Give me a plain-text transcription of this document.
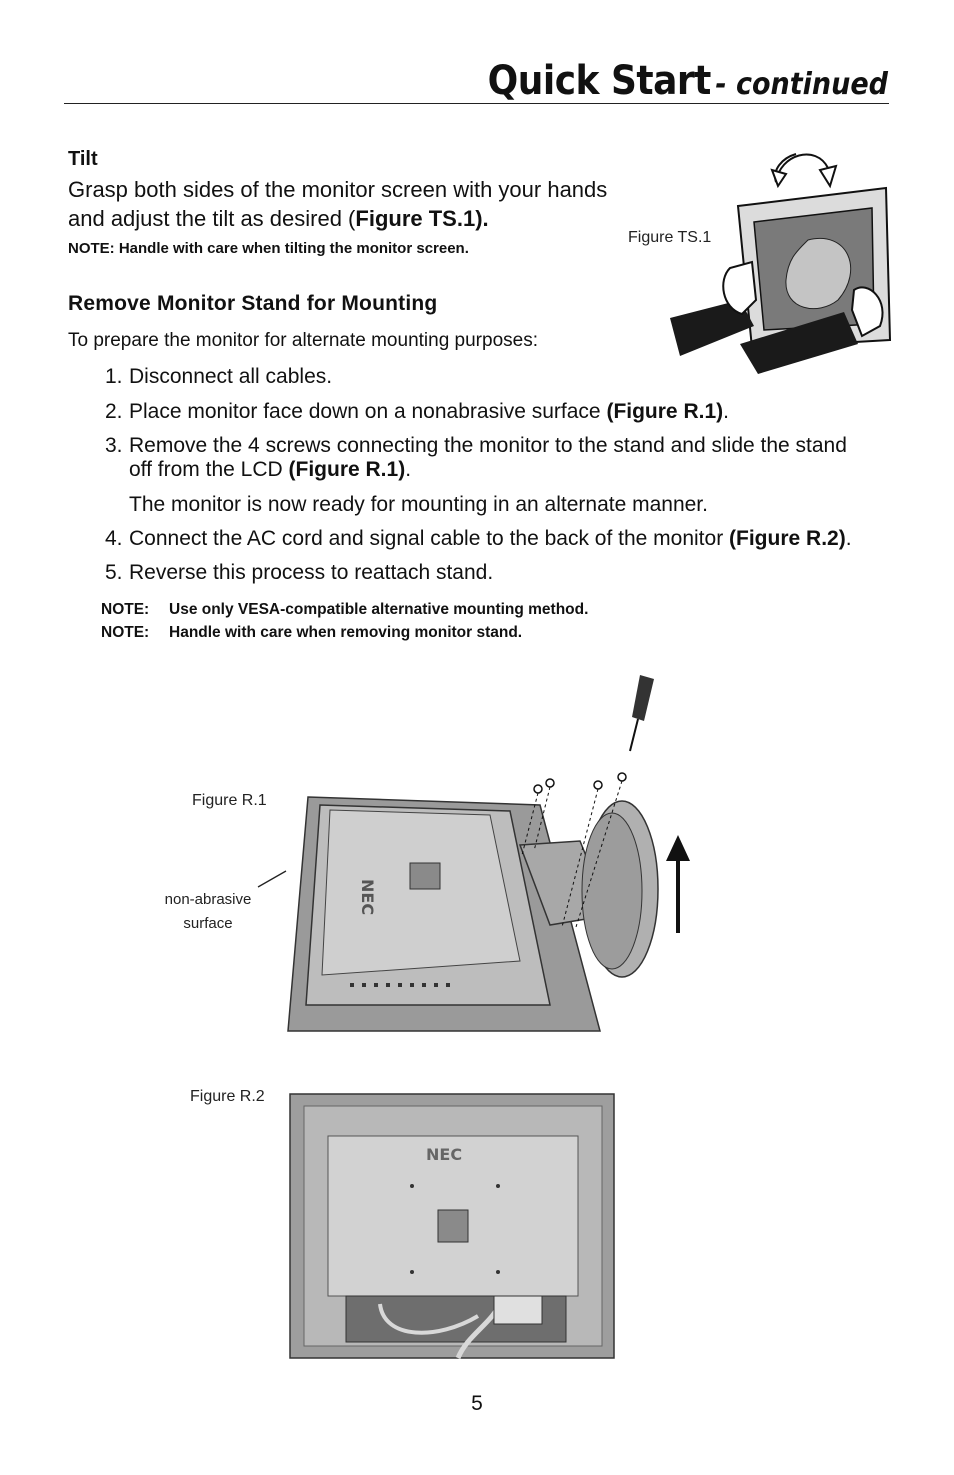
Quick Start - continued
Tilt
Grasp both sides of the monitor screen with your hands and adjust the tilt as desired (Figure TS.1).
NOTE: Handle with care when tilting the monitor screen.
Figure TS.1
Remove Monitor Stand for Mounting
To prepare the monitor for alternate mounting purposes:
1. Disconnect all cables.
2. Place monitor face down on a nonabrasive surface (Figure R.1).
3. Remove the 4 screws connecting the monitor to the stand and slide the stand off from the LCD (Figure R.1).
The monitor is now ready for mounting in an alternate manner.
4. Connect the AC cord and signal cable to the back of the monitor (Figure R.2).
5. Reverse this process to reattach stand.
NOTE: Use only VESA-compatible alternative mounting method.
NOTE: Handle with care when removing monitor stand.
Figure R.1
non-abrasive surface
NEC
Figure R.2
NEC
5
